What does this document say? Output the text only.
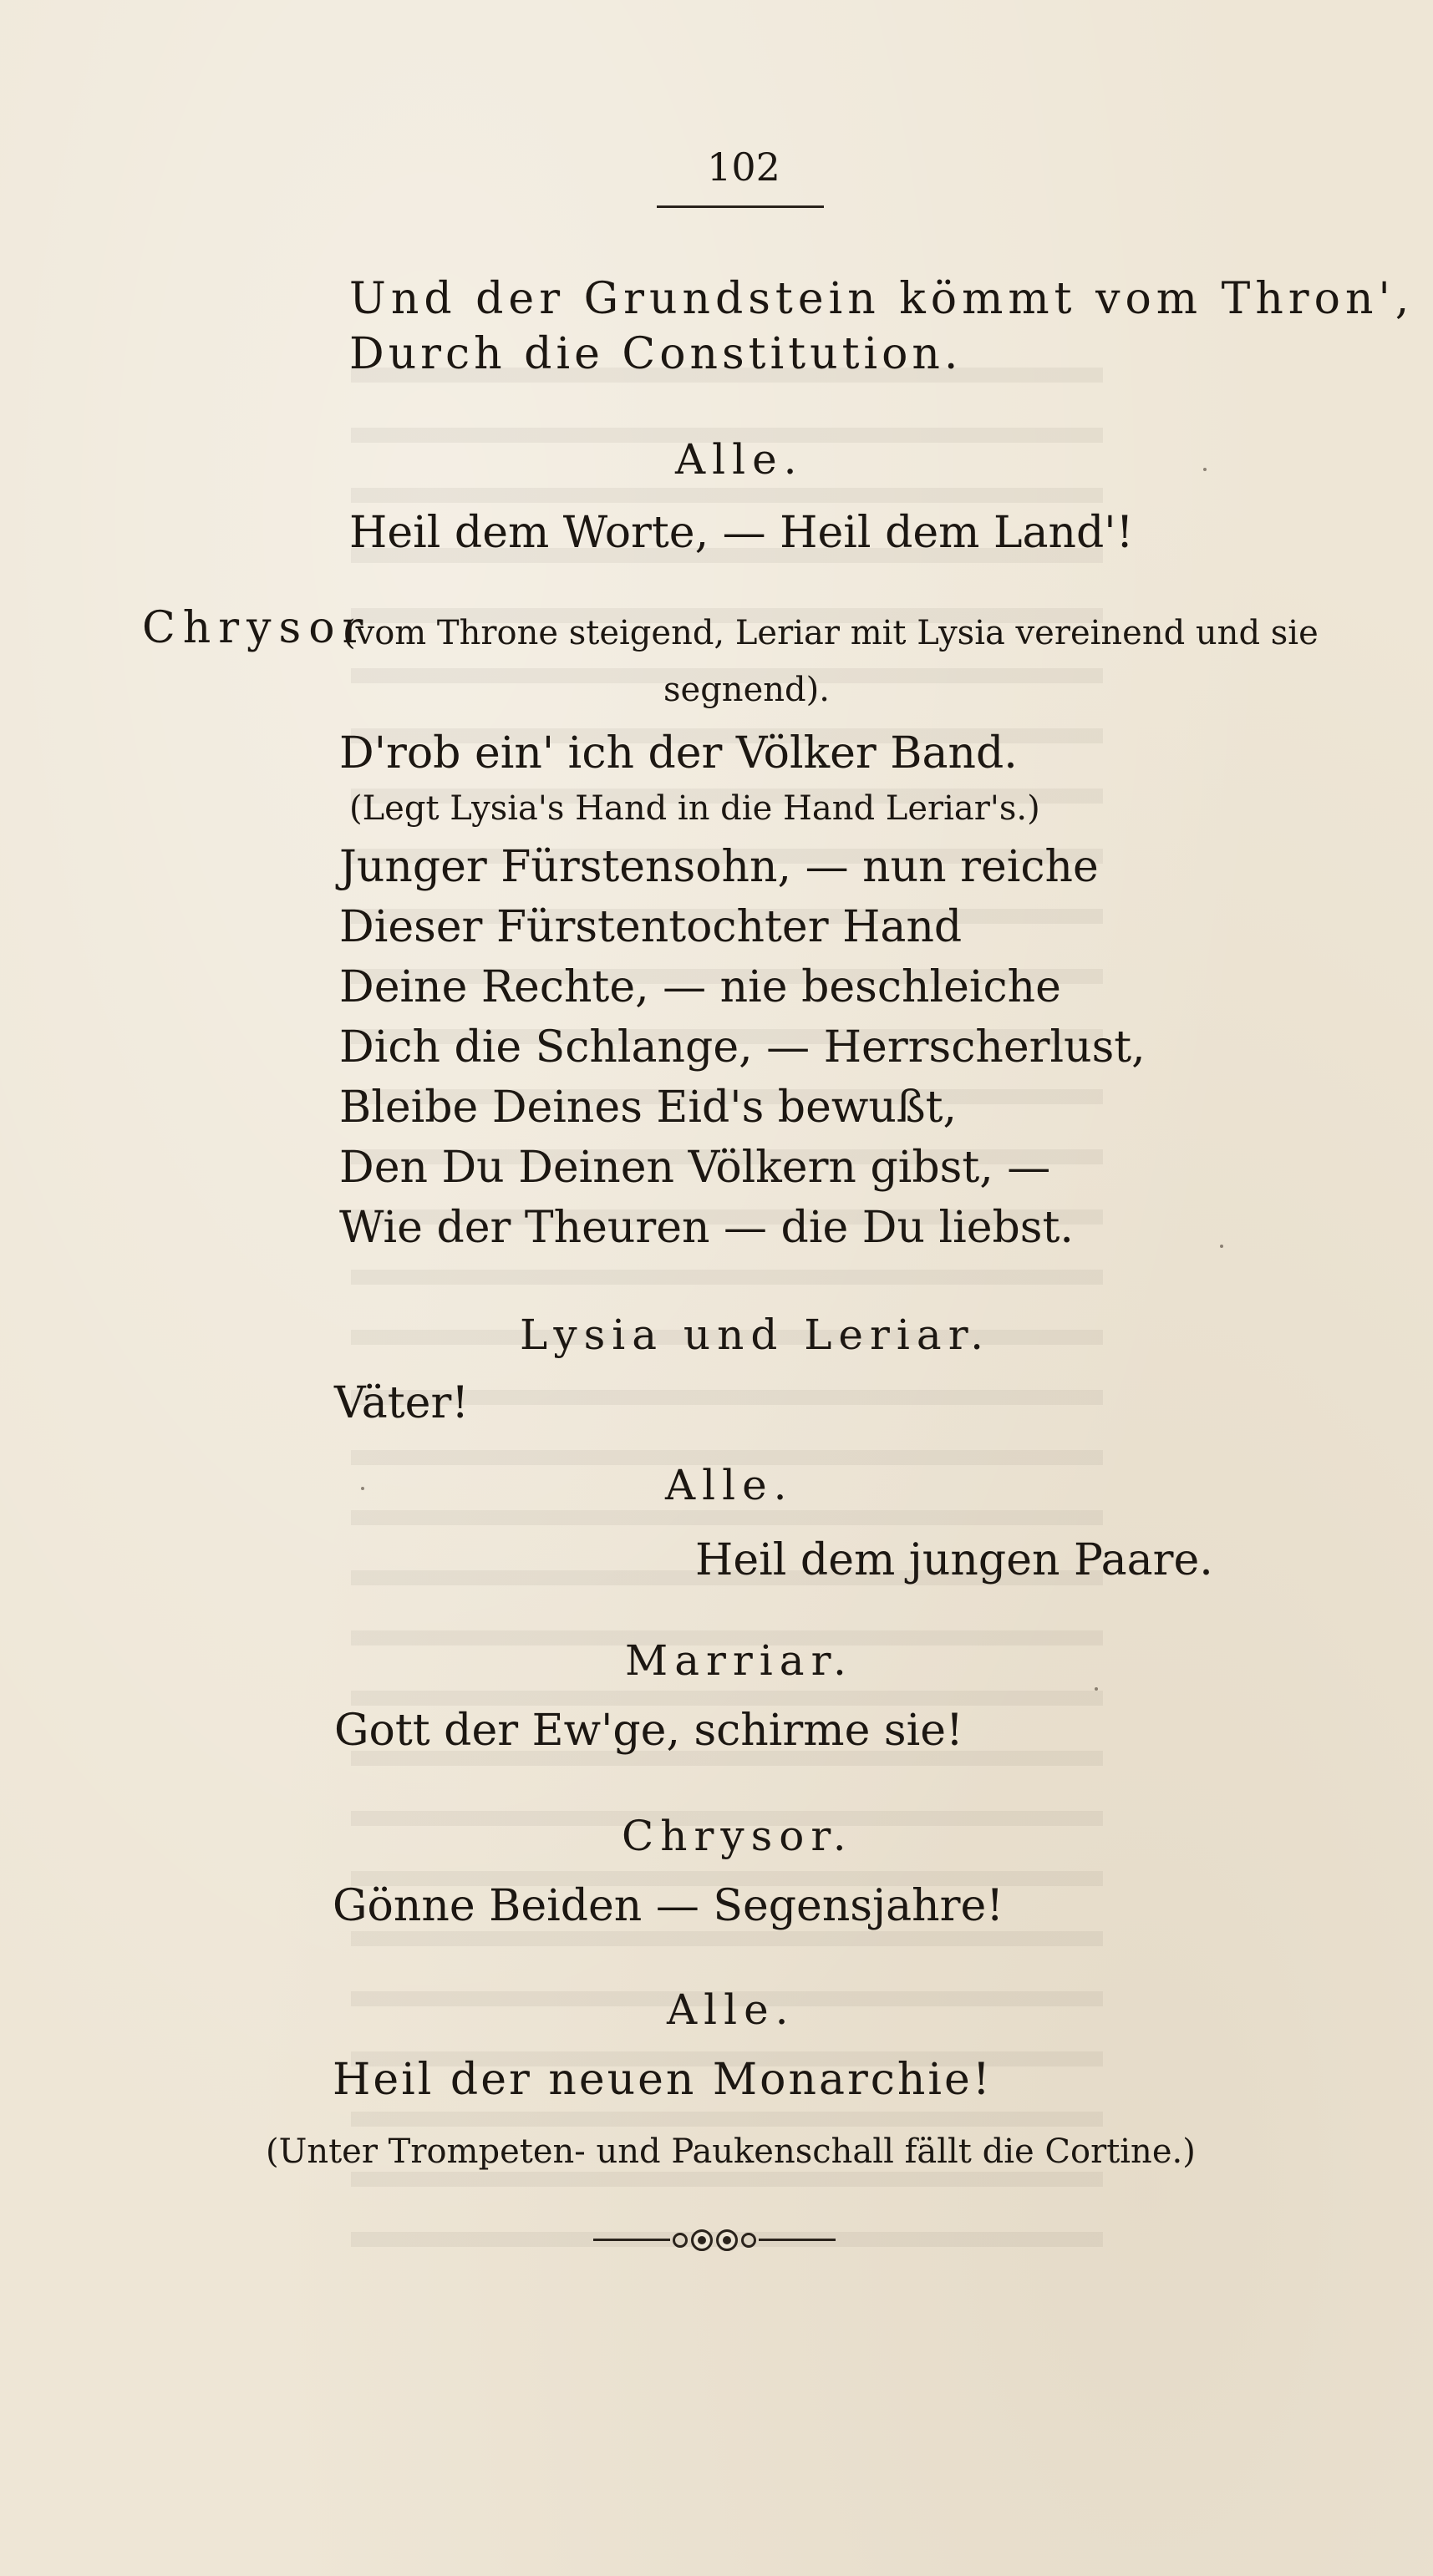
102
Und der Grundstein kömmt vom Thron',
Durch die Constitution.
Alle.
Heil dem Worte, — Heil dem Land'!
Chrysor
(vom Throne steigend, Leriar mit Lysia vereinend und sie
segnend).
D'rob ein' ich der Völker Band.
(Legt Lysia's Hand in die Hand Leriar's.)
Junger Fürstensohn, — nun reiche
Dieser Fürstentochter Hand
Deine Rechte, — nie beschleiche
Dich die Schlange, — Herrscherlust,
Bleibe Deines Eid's bewußt,
Den Du Deinen Völkern gibst, —
Wie der Theuren — die Du liebst.
Lysia und Leriar.
Väter!
Alle.
Heil dem jungen Paare.
Marriar.
Gott der Ew'ge, schirme sie!
Chrysor.
Gönne Beiden — Segensjahre!
Alle.
Heil der neuen Monarchie!
(Unter Trompeten- und Paukenschall fällt die Cortine.)
